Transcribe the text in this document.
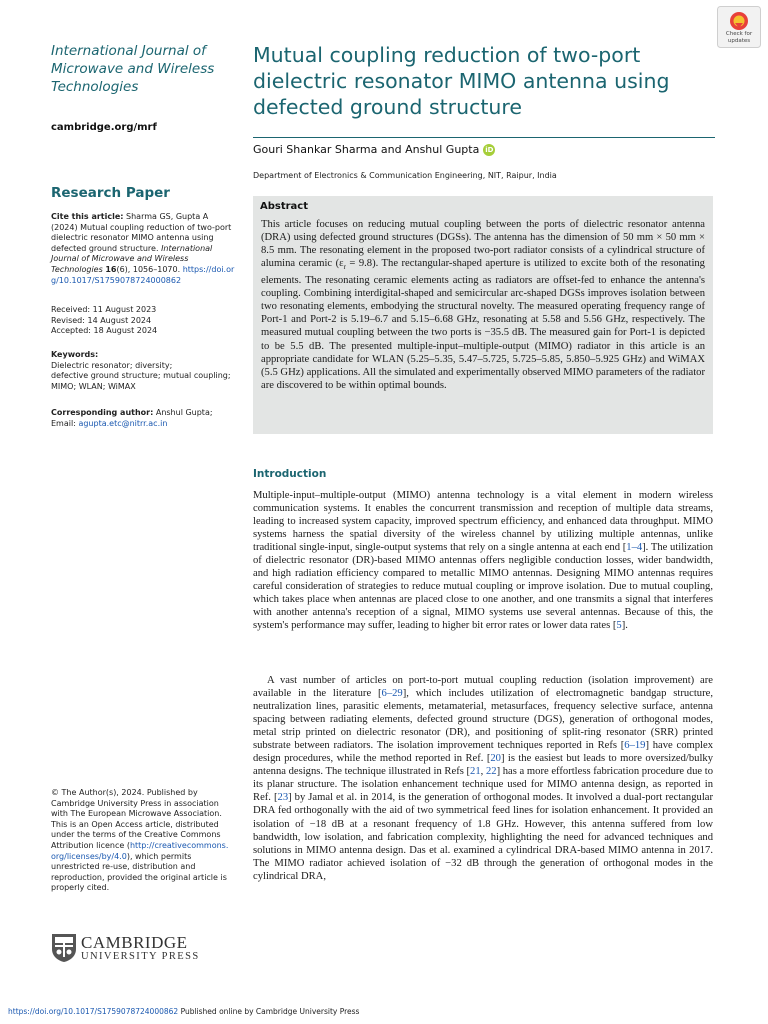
International Journal of Microwave and Wireless Technologies
cambridge.org/mrf
Research Paper
Cite this article: Sharma GS, Gupta A (2024) Mutual coupling reduction of two-port dielectric resonator MIMO antenna using defected ground structure. International Journal of Microwave and Wireless Technologies 16(6), 1056–1070. https://doi.org/10.1017/S1759078724000862
Received: 11 August 2023
Revised: 14 August 2024
Accepted: 18 August 2024
Keywords:
Dielectric resonator; diversity;
defective ground structure; mutual coupling;
MIMO; WLAN; WiMAX
Corresponding author: Anshul Gupta;
Email: agupta.etc@nitrr.ac.in
© The Author(s), 2024. Published by Cambridge University Press in association with The European Microwave Association. This is an Open Access article, distributed under the terms of the Creative Commons Attribution licence (http://creativecommons.org/licenses/by/4.0), which permits unrestricted re-use, distribution and reproduction, provided the original article is properly cited.
CAMBRIDGE
UNIVERSITY PRESS
Mutual coupling reduction of two-port dielectric resonator MIMO antenna using defected ground structure
Gouri Shankar Sharma and Anshul Gupta iD
Department of Electronics & Communication Engineering, NIT, Raipur, India
Abstract
This article focuses on reducing mutual coupling between the ports of dielectric resonator antenna (DRA) using defected ground structures (DGSs). The antenna has the dimension of 50 mm × 50 mm × 8.5 mm. The resonating element in the proposed two-port radiator consists of a cylindrical structure of alumina ceramic $(\varepsilon_r = 9.8)$. The rectangular-shaped aperture is utilized to excite both of the resonating elements. The resonating ceramic elements acting as radiators are offset-fed to enhance the antenna's coupling. Combining interdigital-shaped and semicircular arc-shaped DGSs improves isolation between two resonating elements, embodying the structural novelty. The measured operating frequency range of Port-1 and Port-2 is 5.19–6.7 and 5.15–6.68 GHz, resonating at 5.58 and 5.56 GHz, respectively. The measured mutual coupling between the two ports is −35.5 dB. The measured gain for Port-1 is depicted to be 5.5 dB. The presented multiple-input–multiple-output (MIMO) radiator in this article is an appropriate candidate for WLAN (5.25–5.35, 5.47–5.725, 5.725–5.85, 5.850–5.925 GHz) and WiMAX (5.5 GHz) applications. All the simulated and experimentally observed MIMO parameters of the radiator are discovered to be within optimal bounds.
Introduction

Multiple-input–multiple-output (MIMO) antenna technology is a vital element in modern wireless communication systems. It enables the concurrent transmission and reception of multiple data streams, leading to increased system capacity, improved spectrum efficiency, and enhanced data throughput. MIMO systems harness the spatial diversity of the wireless channel by utilizing multiple antennas, unlike traditional single-input, single-output systems that rely on a single antenna at each end [1–4]. The utilization of dielectric resonator (DR)-based MIMO antennas offers negligible conduction losses, wider bandwidth, and high radiation efficiency compared to metallic MIMO antennas. Designing MIMO antennas requires careful consideration of strategies to reduce mutual coupling or improve isolation. Due to mutual coupling, which takes place when antennas are placed close to one another, and one transmits a signal that interferes with another antenna's reception of a signal, MIMO systems use several antennas. Because of this, the system's performance may suffer, leading to higher bit error rates or lower data rates [5].

A vast number of articles on port-to-port mutual coupling reduction (isolation improvement) are available in the literature [6–29], which includes utilization of electromagnetic bandgap structure, neutralization lines, parasitic elements, metamaterial, metasurfaces, frequency selective surface, antenna spacing between radiating elements, defected ground structure (DGS), generation of orthogonal modes, metal strip printed on dielectric resonator (DR), and positioning of split-ring resonator (SRR) printed substrate between radiators. The isolation improvement techniques reported in Refs [6–19] have complex design procedures, while the method reported in Ref. [20] is the easiest but leads to more oversized/bulky antenna designs. The technique illustrated in Refs [21, 22] has a more effortless fabrication procedure due to its planar structure. The isolation enhancement technique used for MIMO antenna design, as reported in Ref. [23] by Jamal et al. in 2014, is the generation of orthogonal modes. It involved a dual-port rectangular DRA fed orthogonally with the aid of two symmetrical feed lines for isolation enhancement. It provided an isolation of −18 dB at a resonant frequency of 1.8 GHz. However, this antenna suffered from low bandwidth, low isolation, and fabrication complexity, highlighting the need for advanced techniques and solutions in MIMO antenna design. Das et al. examined a cylindrical DRA-based MIMO antenna in 2017. The MIMO radiator achieved isolation of −32 dB through the generation of orthogonal modes in the cylindrical DRA,

Check for
updates
https://doi.org/10.1017/S1759078724000862 Published online by Cambridge University Press
